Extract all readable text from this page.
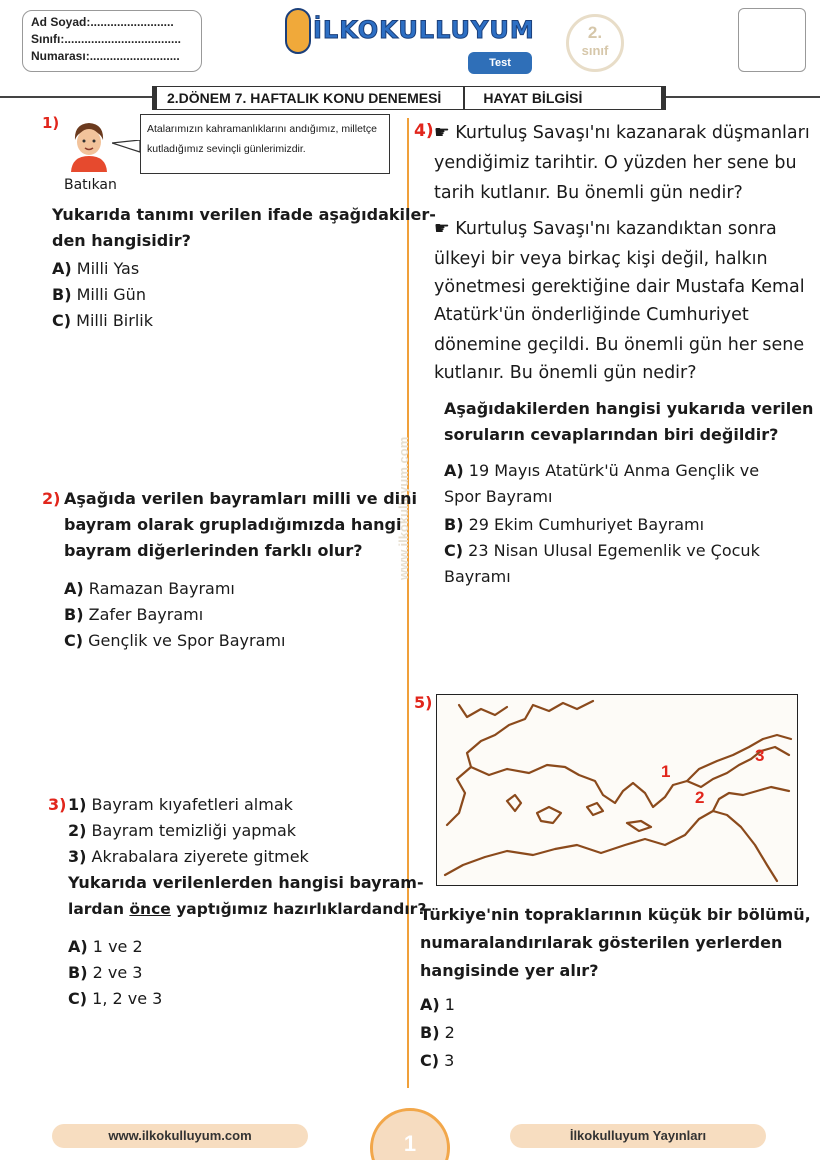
Ad Soyad:.........................
Sınıfı:...................................
Numarası:...........................
İLKOKULLUYUM
Test
2.
sınıf
2.DÖNEM 7. HAFTALIK KONU DENEMESİ	HAYAT BİLGİSİ
www.ilkokulluyum.com
1)	Atalarımızın kahramanlıklarını andığımız, milletçe kutladığımız sevinçli günlerimizdir.
Batıkan
Yukarıda tanımı verilen ifade aşağıdakiler-
den hangisidir?
A) Milli Yas
B) Milli Gün
C) Milli Birlik
2) Aşağıda verilen bayramları milli ve dini
bayram olarak grupladığımızda hangi
bayram diğerlerinden farklı olur?
A) Ramazan Bayramı
B) Zafer Bayramı
C) Gençlik ve Spor Bayramı
3) 1) Bayram kıyafetleri almak
2) Bayram temizliği yapmak
3) Akrabalara ziyerete gitmek
Yukarıda verilenlerden hangisi bayram-
lardan önce yaptığımız hazırlıklardandır?
A) 1 ve 2
B) 2 ve 3
C) 1, 2 ve 3
4) ☛ Kurtuluş Savaşı'nı kazanarak düşmanları
yendiğimiz tarihtir. O yüzden her sene bu
tarih kutlanır. Bu önemli gün nedir?
☛ Kurtuluş Savaşı'nı kazandıktan sonra
ülkeyi bir veya birkaç kişi değil, halkın
yönetmesi gerektiğine dair Mustafa Kemal
Atatürk'ün önderliğinde Cumhuriyet
dönemine geçildi. Bu önemli gün her sene
kutlanır. Bu önemli gün nedir?
Aşağıdakilerden hangisi yukarıda verilen
soruların cevaplarından biri değildir?
A) 19 Mayıs Atatürk'ü Anma Gençlik ve
Spor Bayramı
B) 29 Ekim Cumhuriyet Bayramı
C) 23 Nisan Ulusal Egemenlik ve Çocuk
Bayramı
5)
1
2
3
Türkiye'nin topraklarının küçük bir bölümü,
numaralandırılarak gösterilen yerlerden
hangisinde yer alır?
A) 1
B) 2
C) 3
www.ilkokulluyum.com	1	İlkokulluyum Yayınları
